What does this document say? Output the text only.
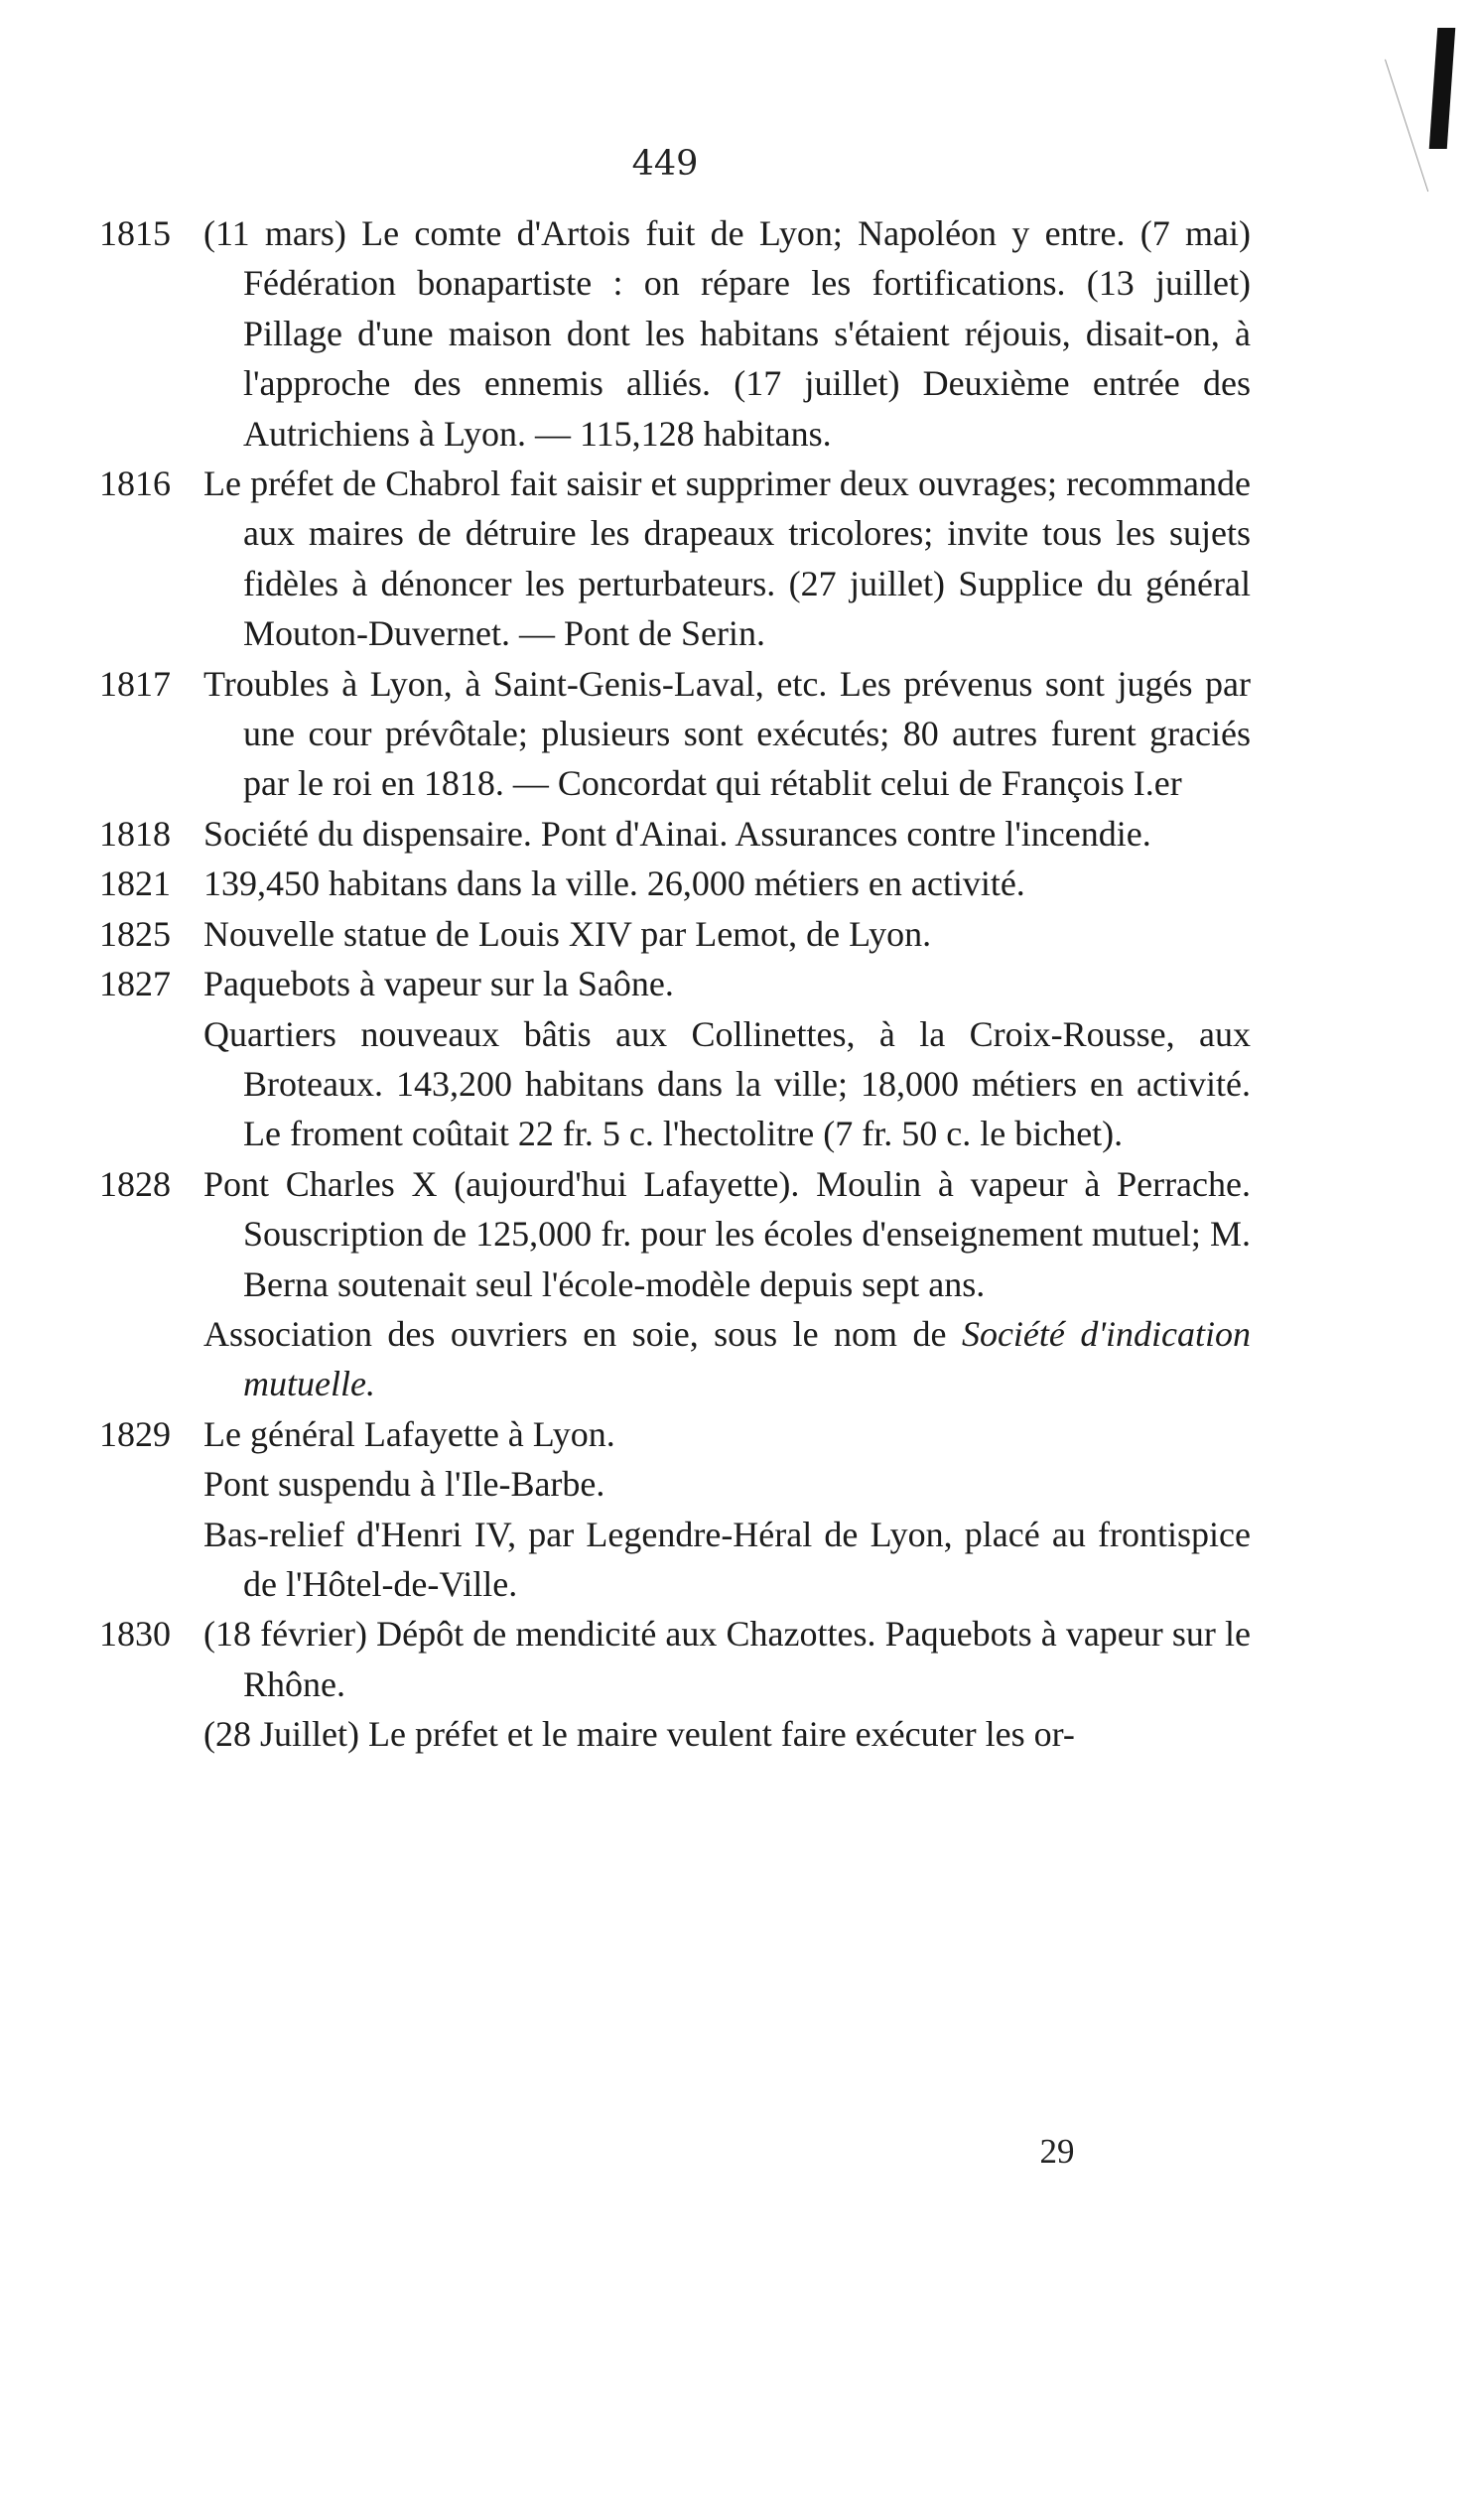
449
1815 (11 mars) Le comte d'Artois fuit de Lyon; Napoléon y entre. (7 mai) Fédération bonapartiste : on répare les fortifications. (13 juillet) Pillage d'une maison dont les habitans s'étaient réjouis, disait-on, à l'approche des ennemis alliés. (17 juillet) Deuxième entrée des Autrichiens à Lyon. — 115,128 habitans.
1816 Le préfet de Chabrol fait saisir et supprimer deux ouvrages; recommande aux maires de détruire les drapeaux tricolores; invite tous les sujets fidèles à dénoncer les perturbateurs. (27 juillet) Supplice du général Mouton-Duvernet. — Pont de Serin.
1817 Troubles à Lyon, à Saint-Genis-Laval, etc. Les prévenus sont jugés par une cour prévôtale; plusieurs sont exécutés; 80 autres furent graciés par le roi en 1818. — Concordat qui rétablit celui de François I.er
1818 Société du dispensaire. Pont d'Ainai. Assurances contre l'incendie.
1821 139,450 habitans dans la ville. 26,000 métiers en activité.
1825 Nouvelle statue de Louis XIV par Lemot, de Lyon.
1827 Paquebots à vapeur sur la Saône.
Quartiers nouveaux bâtis aux Collinettes, à la Croix-Rousse, aux Broteaux. 143,200 habitans dans la ville; 18,000 métiers en activité. Le froment coûtait 22 fr. 5 c. l'hectolitre (7 fr. 50 c. le bichet).
1828 Pont Charles X (aujourd'hui Lafayette). Moulin à vapeur à Perrache. Souscription de 125,000 fr. pour les écoles d'enseignement mutuel; M. Berna soutenait seul l'école-modèle depuis sept ans.
Association des ouvriers en soie, sous le nom de Société d'indication mutuelle.
1829 Le général Lafayette à Lyon.
Pont suspendu à l'Ile-Barbe.
Bas-relief d'Henri IV, par Legendre-Héral de Lyon, placé au frontispice de l'Hôtel-de-Ville.
1830 (18 février) Dépôt de mendicité aux Chazottes. Paquebots à vapeur sur le Rhône.
(28 Juillet) Le préfet et le maire veulent faire exécuter les or-
29
